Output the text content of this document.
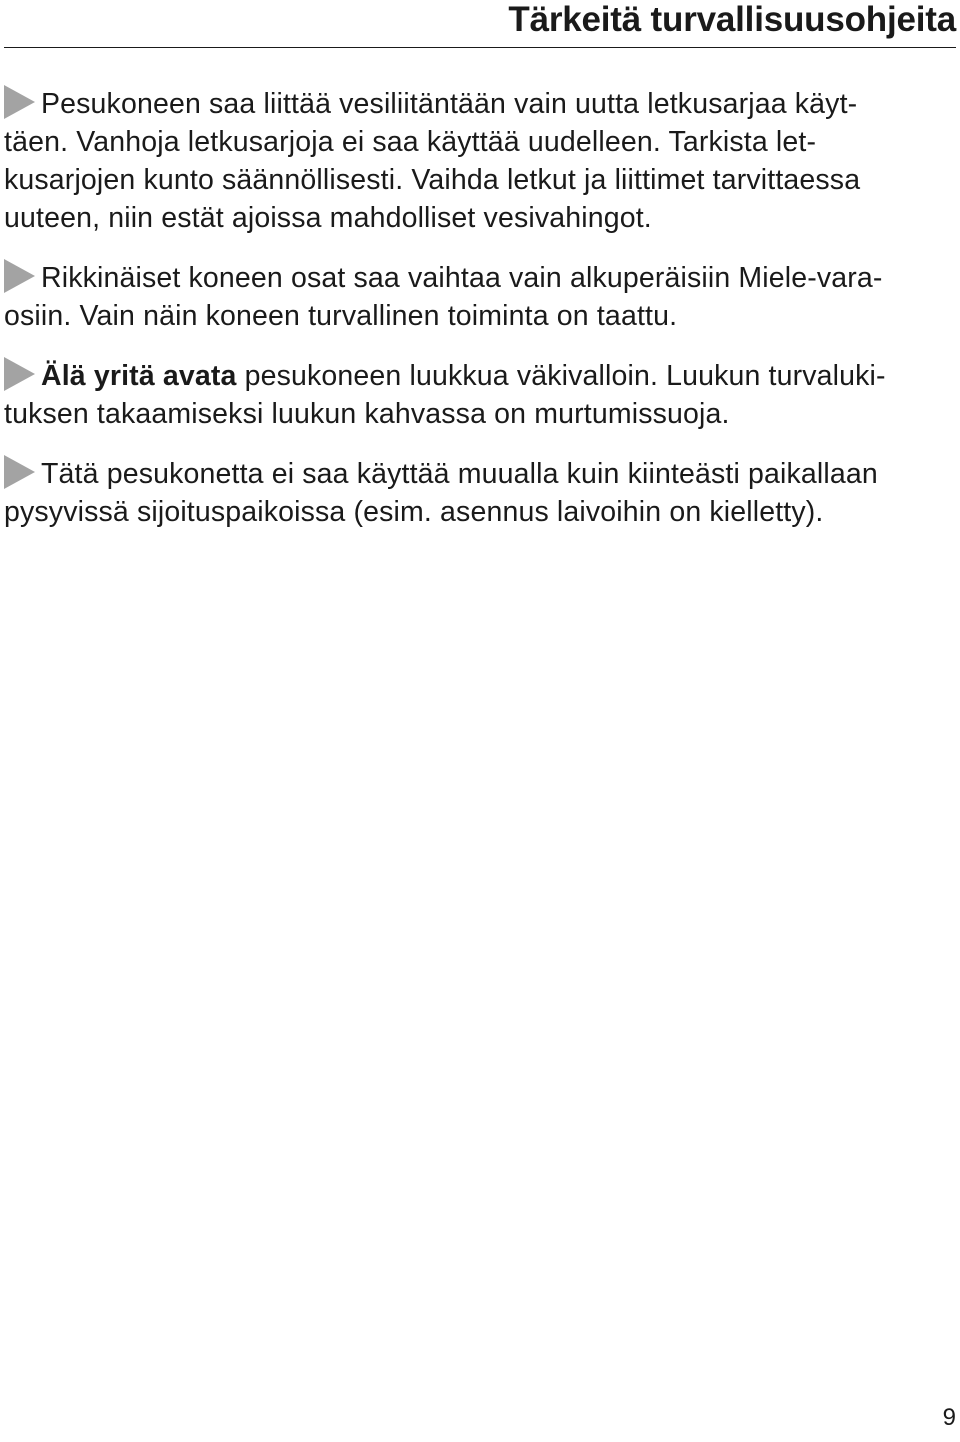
Tärkeitä turvallisuusohjeita

Pesukoneen saa liittää vesiliitäntään vain uutta letkusarjaa käyt-
täen. Vanhoja letkusarjoja ei saa käyttää uudelleen. Tarkista let-
kusarjojen kunto säännöllisesti. Vaihda letkut ja liittimet tarvittaessa
uuteen, niin estät ajoissa mahdolliset vesivahingot.

Rikkinäiset koneen osat saa vaihtaa vain alkuperäisiin Miele-vara-
osiin. Vain näin koneen turvallinen toiminta on taattu.

Älä yritä avata pesukoneen luukkua väkivalloin. Luukun turvaluki-
tuksen takaamiseksi luukun kahvassa on murtumissuoja.

Tätä pesukonetta ei saa käyttää muualla kuin kiinteästi paikallaan
pysyvissä sijoituspaikoissa (esim. asennus laivoihin on kielletty).

9
